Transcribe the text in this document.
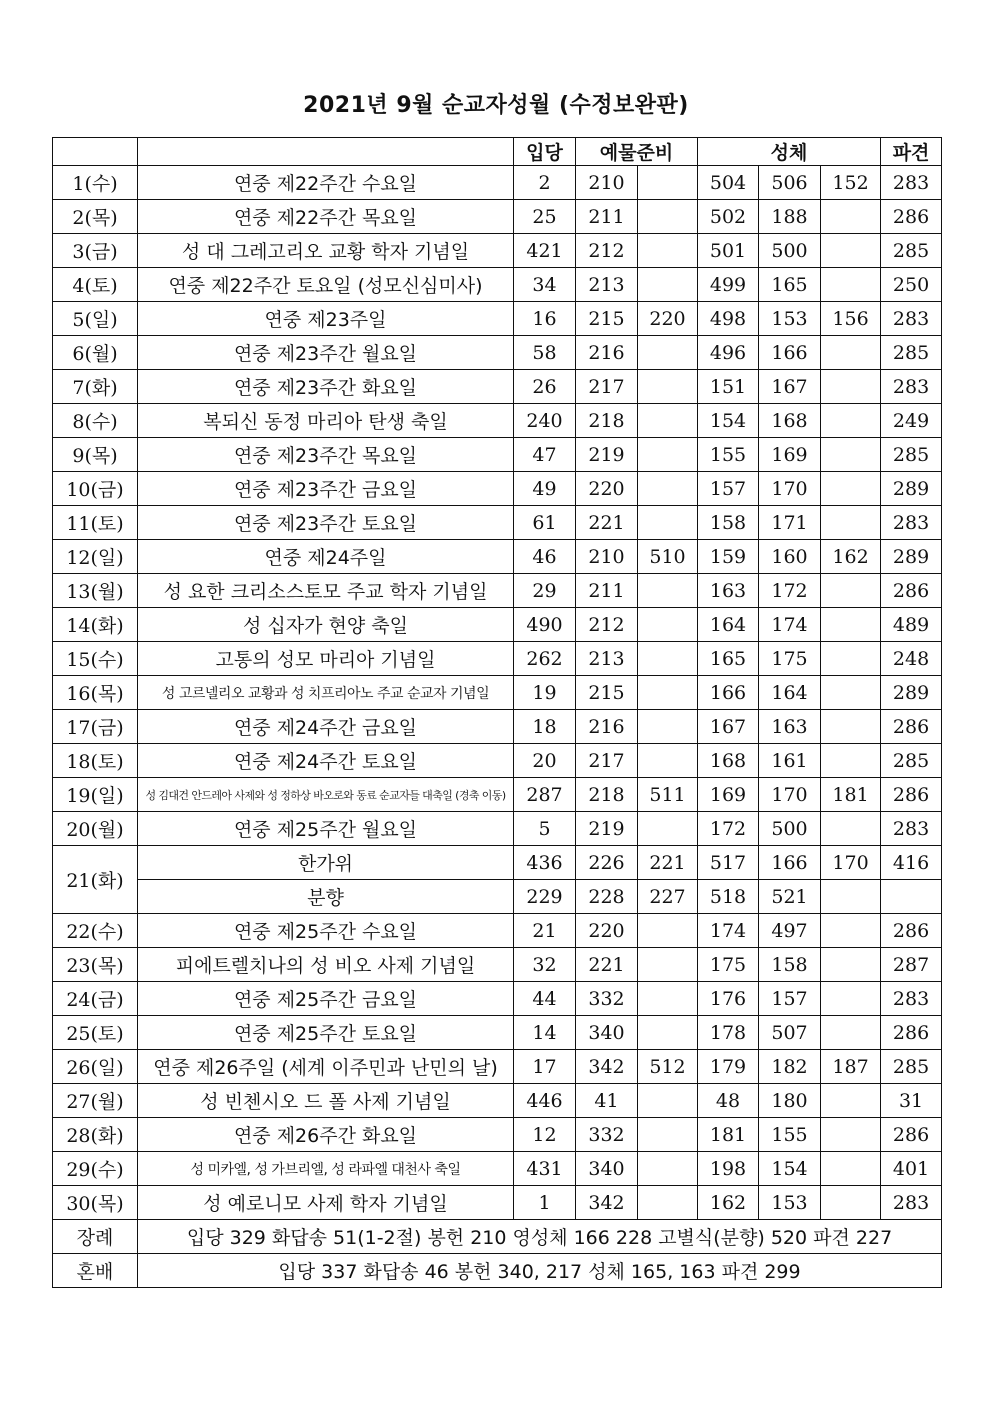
2021년 9월 순교자성월 (수정보완판)
		입당	예물준비		성체			파견
1(수)	연중 제22주간 수요일	2	210		504	506	152	283
2(목)	연중 제22주간 목요일	25	211		502	188		286
3(금)	성 대 그레고리오 교황 학자 기념일	421	212		501	500		285
4(토)	연중 제22주간 토요일 (성모신심미사)	34	213		499	165		250
5(일)	연중 제23주일	16	215	220	498	153	156	283
6(월)	연중 제23주간 월요일	58	216		496	166		285
7(화)	연중 제23주간 화요일	26	217		151	167		283
8(수)	복되신 동정 마리아 탄생 축일	240	218		154	168		249
9(목)	연중 제23주간 목요일	47	219		155	169		285
10(금)	연중 제23주간 금요일	49	220		157	170		289
11(토)	연중 제23주간 토요일	61	221		158	171		283
12(일)	연중 제24주일	46	210	510	159	160	162	289
13(월)	성 요한 크리소스토모 주교 학자 기념일	29	211		163	172		286
14(화)	성 십자가 현양 축일	490	212		164	174		489
15(수)	고통의 성모 마리아 기념일	262	213		165	175		248
16(목)	성 고르넬리오 교황과 성 치프리아노 주교 순교자 기념일	19	215		166	164		289
17(금)	연중 제24주간 금요일	18	216		167	163		286
18(토)	연중 제24주간 토요일	20	217		168	161		285
19(일)	성 김대건 안드레아 사제와 성 정하상 바오로와 동료 순교자들 대축일 (경축 이동)	287	218	511	169	170	181	286
20(월)	연중 제25주간 월요일	5	219		172	500		283
21(화)	한가위	436	226	221	517	166	170	416
	분향	229	228	227	518	521		
22(수)	연중 제25주간 수요일	21	220		174	497		286
23(목)	피에트렐치나의 성 비오 사제 기념일	32	221		175	158		287
24(금)	연중 제25주간 금요일	44	332		176	157		283
25(토)	연중 제25주간 토요일	14	340		178	507		286
26(일)	연중 제26주일 (세계 이주민과 난민의 날)	17	342	512	179	182	187	285
27(월)	성 빈첸시오 드 폴 사제 기념일	446	41		48	180		31
28(화)	연중 제26주간 화요일	12	332		181	155		286
29(수)	성 미카엘, 성 가브리엘, 성 라파엘 대천사 축일	431	340		198	154		401
30(목)	성 예로니모 사제 학자 기념일	1	342		162	153		283
장례	입당 329 화답송 51(1-2절) 봉헌 210 영성체 166 228 고별식(분향) 520 파견 227							
혼배	입당 337 화답송 46 봉헌 340, 217 성체 165, 163 파견 299							
